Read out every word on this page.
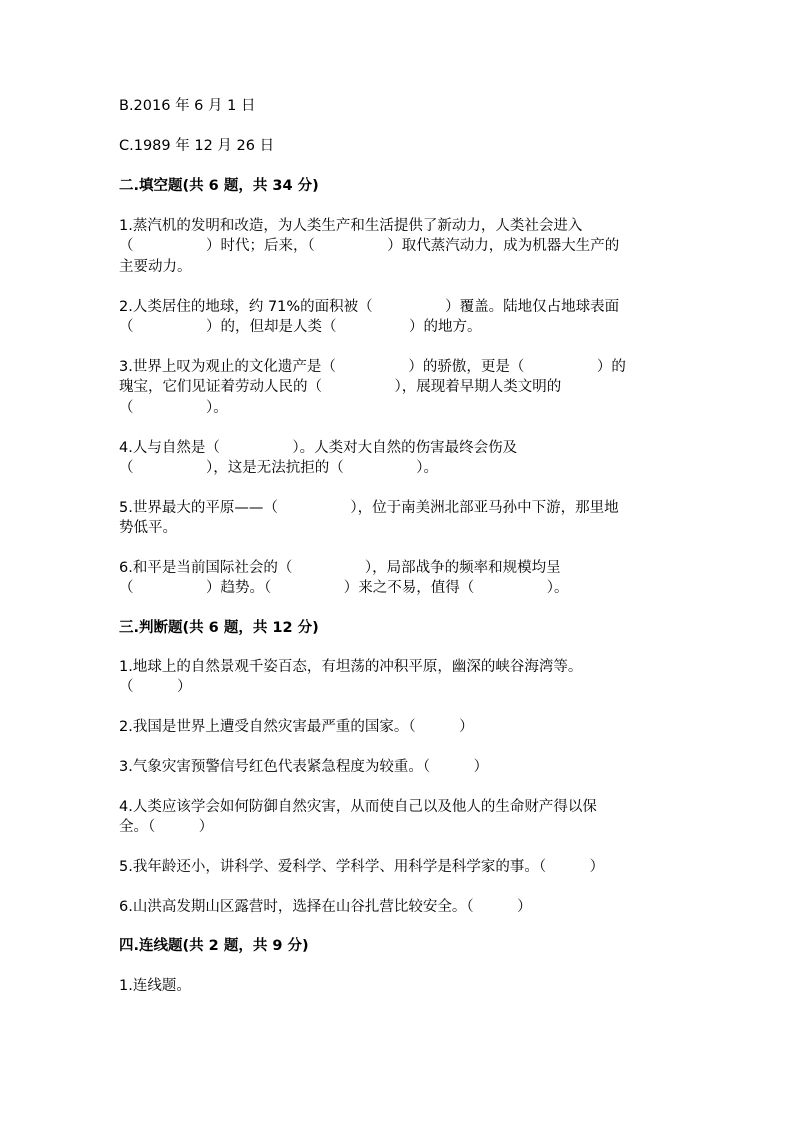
B.2016 年 6 月 1 日
C.1989 年 12 月 26 日
二.填空题(共 6 题，共 34 分)
1.蒸汽机的发明和改造，为人类生产和生活提供了新动力，人类社会进入
（　　　　　）时代；后来，（　　　　　）取代蒸汽动力，成为机器大生产的
主要动力。
2.人类居住的地球，约 71%的面积被（　　　　　）覆盖。陆地仅占地球表面
（　　　　　）的，但却是人类（　　　　　）的地方。
3.世界上叹为观止的文化遗产是（　　　　　）的骄傲，更是（　　　　　）的
瑰宝，它们见证着劳动人民的（　　　　　），展现着早期人类文明的
（　　　　　）。
4.人与自然是（　　　　　）。人类对大自然的伤害最终会伤及
（　　　　　），这是无法抗拒的（　　　　　）。
5.世界最大的平原——（　　　　　），位于南美洲北部亚马孙中下游，那里地
势低平。
6.和平是当前国际社会的（　　　　　），局部战争的频率和规模均呈
（　　　　　）趋势。（　　　　　）来之不易，值得（　　　　　）。
三.判断题(共 6 题，共 12 分)
1.地球上的自然景观千姿百态，有坦荡的冲积平原，幽深的峡谷海湾等。
（　　　）
2.我国是世界上遭受自然灾害最严重的国家。（　　　）
3.气象灾害预警信号红色代表紧急程度为较重。（　　　）
4.人类应该学会如何防御自然灾害，从而使自己以及他人的生命财产得以保
全。（　　　）
5.我年龄还小，讲科学、爱科学、学科学、用科学是科学家的事。（　　　）
6.山洪高发期山区露营时，选择在山谷扎营比较安全。（　　　）
四.连线题(共 2 题，共 9 分)
1.连线题。
